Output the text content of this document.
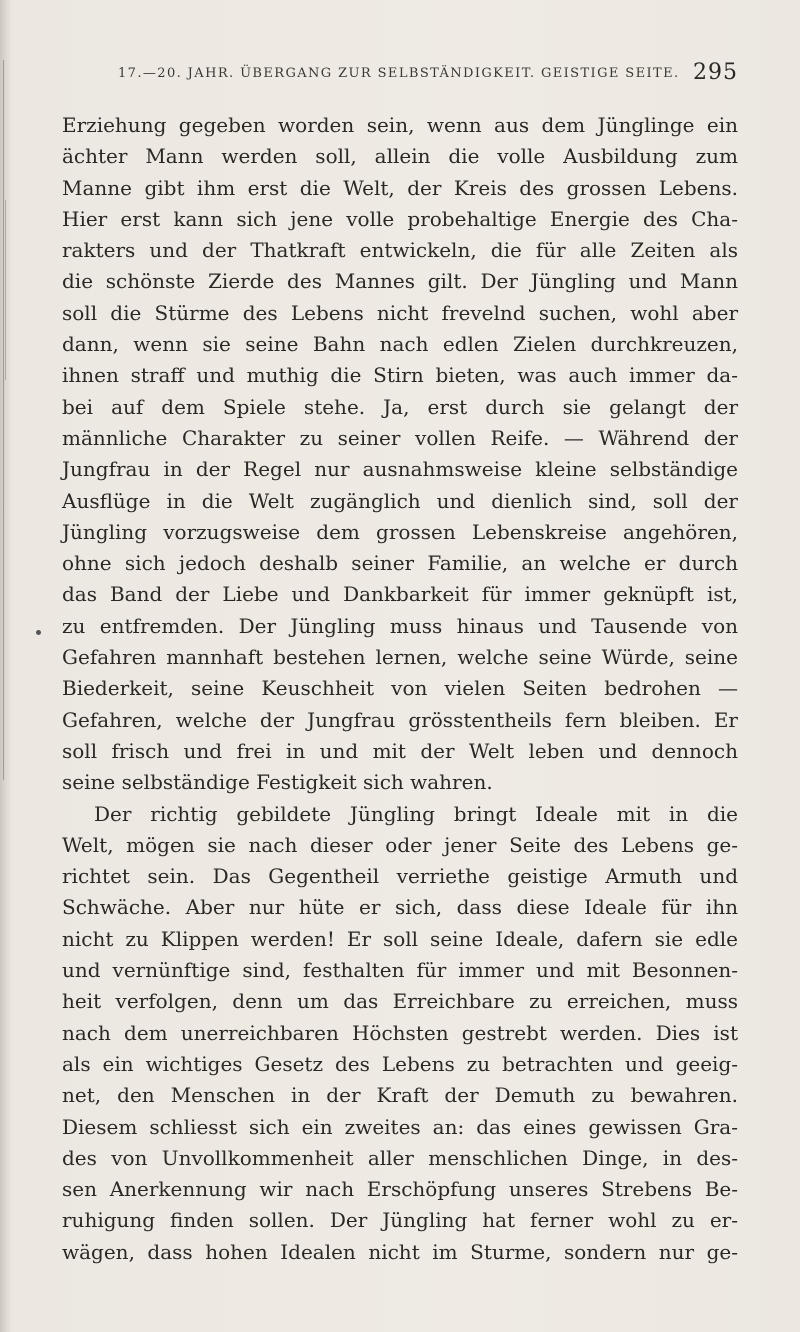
17.—20. JAHR. ÜBERGANG ZUR SELBSTÄNDIGKEIT. GEISTIGE SEITE. 295
Erziehung gegeben worden sein, wenn aus dem Jünglinge ein
ächter Mann werden soll, allein die volle Ausbildung zum
Manne gibt ihm erst die Welt, der Kreis des grossen Lebens.
Hier erst kann sich jene volle probehaltige Energie des Cha-
rakters und der Thatkraft entwickeln, die für alle Zeiten als
die schönste Zierde des Mannes gilt. Der Jüngling und Mann
soll die Stürme des Lebens nicht frevelnd suchen, wohl aber
dann, wenn sie seine Bahn nach edlen Zielen durchkreuzen,
ihnen straff und muthig die Stirn bieten, was auch immer da-
bei auf dem Spiele stehe. Ja, erst durch sie gelangt der
männliche Charakter zu seiner vollen Reife. — Während der
Jungfrau in der Regel nur ausnahmsweise kleine selbständige
Ausflüge in die Welt zugänglich und dienlich sind, soll der
Jüngling vorzugsweise dem grossen Lebenskreise angehören,
ohne sich jedoch deshalb seiner Familie, an welche er durch
das Band der Liebe und Dankbarkeit für immer geknüpft ist,
zu entfremden. Der Jüngling muss hinaus und Tausende von
Gefahren mannhaft bestehen lernen, welche seine Würde, seine
Biederkeit, seine Keuschheit von vielen Seiten bedrohen —
Gefahren, welche der Jungfrau grösstentheils fern bleiben. Er
soll frisch und frei in und mit der Welt leben und dennoch
seine selbständige Festigkeit sich wahren.
Der richtig gebildete Jüngling bringt Ideale mit in die
Welt, mögen sie nach dieser oder jener Seite des Lebens ge-
richtet sein. Das Gegentheil verriethe geistige Armuth und
Schwäche. Aber nur hüte er sich, dass diese Ideale für ihn
nicht zu Klippen werden! Er soll seine Ideale, dafern sie edle
und vernünftige sind, festhalten für immer und mit Besonnen-
heit verfolgen, denn um das Erreichbare zu erreichen, muss
nach dem unerreichbaren Höchsten gestrebt werden. Dies ist
als ein wichtiges Gesetz des Lebens zu betrachten und geeig-
net, den Menschen in der Kraft der Demuth zu bewahren.
Diesem schliesst sich ein zweites an: das eines gewissen Gra-
des von Unvollkommenheit aller menschlichen Dinge, in des-
sen Anerkennung wir nach Erschöpfung unseres Strebens Be-
ruhigung finden sollen. Der Jüngling hat ferner wohl zu er-
wägen, dass hohen Idealen nicht im Sturme, sondern nur ge-
